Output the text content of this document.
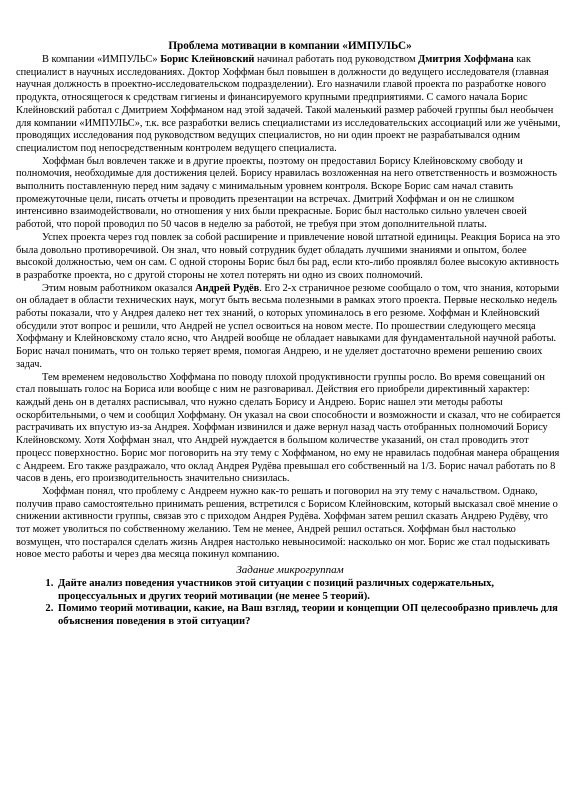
Проблема мотивации в компании «ИМПУЛЬС»

В компании «ИМПУЛЬС» Борис Клейновский начинал работать под руководством Дмитрия Хоффмана как специалист в научных исследованиях. Доктор Хоффман был повышен в должности до ведущего исследователя (главная научная должность в проектно-исследовательском подразделении). Его назначили главой проекта по разработке нового продукта, относящегося к средствам гигиены и финансируемого крупными предприятиями. С самого начала Борис Клейновский работал с Дмитрием Хоффманом над этой задачей. Такой маленький размер рабочей группы был необычен для компании «ИМПУЛЬС», т.к. все разработки велись специалистами из исследовательских ассоциаций или же учёными, проводящих исследования под руководством ведущих специалистов, но ни один проект не разрабатывался одним специалистом под непосредственным контролем ведущего специалиста.

Хоффман был вовлечен также и в другие проекты, поэтому он предоставил Борису Клейновскому свободу и полномочия, необходимые для достижения целей. Борису нравилась возложенная на него ответственность и возможность выполнить поставленную перед ним задачу с минимальным уровнем контроля. Вскоре Борис сам начал ставить промежуточные цели, писать отчеты и проводить презентации на встречах. Дмитрий Хоффман и он не слишком интенсивно взаимодействовали, но отношения у них были прекрасные. Борис был настолько сильно увлечен своей работой, что порой проводил по 50 часов в неделю за работой, не требуя при этом дополнительной платы.

Успех проекта через год повлек за собой расширение и привлечение новой штатной единицы. Реакция Бориса на это была довольно противоречивой. Он знал, что новый сотрудник будет обладать лучшими знаниями и опытом, более высокой должностью, чем он сам. С одной стороны Борис был бы рад, если кто-либо проявлял более высокую активность в разработке проекта, но с другой стороны не хотел потерять ни одно из своих полномочий.

Этим новым работником оказался Андрей Рудёв. Его 2-х страничное резюме сообщало о том, что знания, которыми он обладает в области технических наук, могут быть весьма полезными в рамках этого проекта. Первые несколько недель работы показали, что у Андрея далеко нет тех знаний, о которых упоминалось в его резюме. Хоффман и Клейновский обсудили этот вопрос и решили, что Андрей не успел освоиться на новом месте. По прошествии следующего месяца Хоффману и Клейновскому стало ясно, что Андрей вообще не обладает навыками для фундаментальной научной работы. Борис начал понимать, что он только теряет время, помогая Андрею, и не уделяет достаточно времени решению своих задач.

Тем временем недовольство Хоффмана по поводу плохой продуктивности группы росло. Во время совещаний он стал повышать голос на Бориса или вообще с ним не разговаривал. Действия его приобрели директивный характер: каждый день он в деталях расписывал, что нужно сделать Борису и Андрею. Борис нашел эти методы работы оскорбительными, о чем и сообщил Хоффману. Он указал на свои способности и возможности и сказал, что не собирается растрачивать их впустую из-за Андрея. Хоффман извинился и даже вернул назад часть отобранных полномочий Борису Клейновскому. Хотя Хоффман знал, что Андрей нуждается в большом количестве указаний, он стал проводить этот процесс поверхностно. Борис мог поговорить на эту тему с Хоффманом, но ему не нравилась подобная манера обращения с Андреем. Его также раздражало, что оклад Андрея Рудёва превышал его собственный на 1/3. Борис начал работать по 8 часов в день, его производительность значительно снизилась.

Хоффман понял, что проблему с Андреем нужно как-то решать и поговорил на эту тему с начальством. Однако, получив право самостоятельно принимать решения, встретился с Борисом Клейновским, который высказал своё мнение о снижении активности группы, связав это с приходом Андрея Рудёва. Хоффман затем решил сказать Андрею Рудёву, что тот может уволиться по собственному желанию. Тем не менее, Андрей решил остаться. Хоффман был настолько возмущен, что постарался сделать жизнь Андрея настолько невыносимой: насколько он мог. Борис же стал подыскивать новое место работы и через два месяца покинул компанию.

Задание микрогруппам
1. Дайте анализ поведения участников этой ситуации с позиций различных содержательных, процессуальных и других теорий мотивации (не менее 5 теорий).
2. Помимо теорий мотивации, какие, на Ваш взгляд, теории и концепции ОП целесообразно привлечь для объяснения поведения в этой ситуации?
